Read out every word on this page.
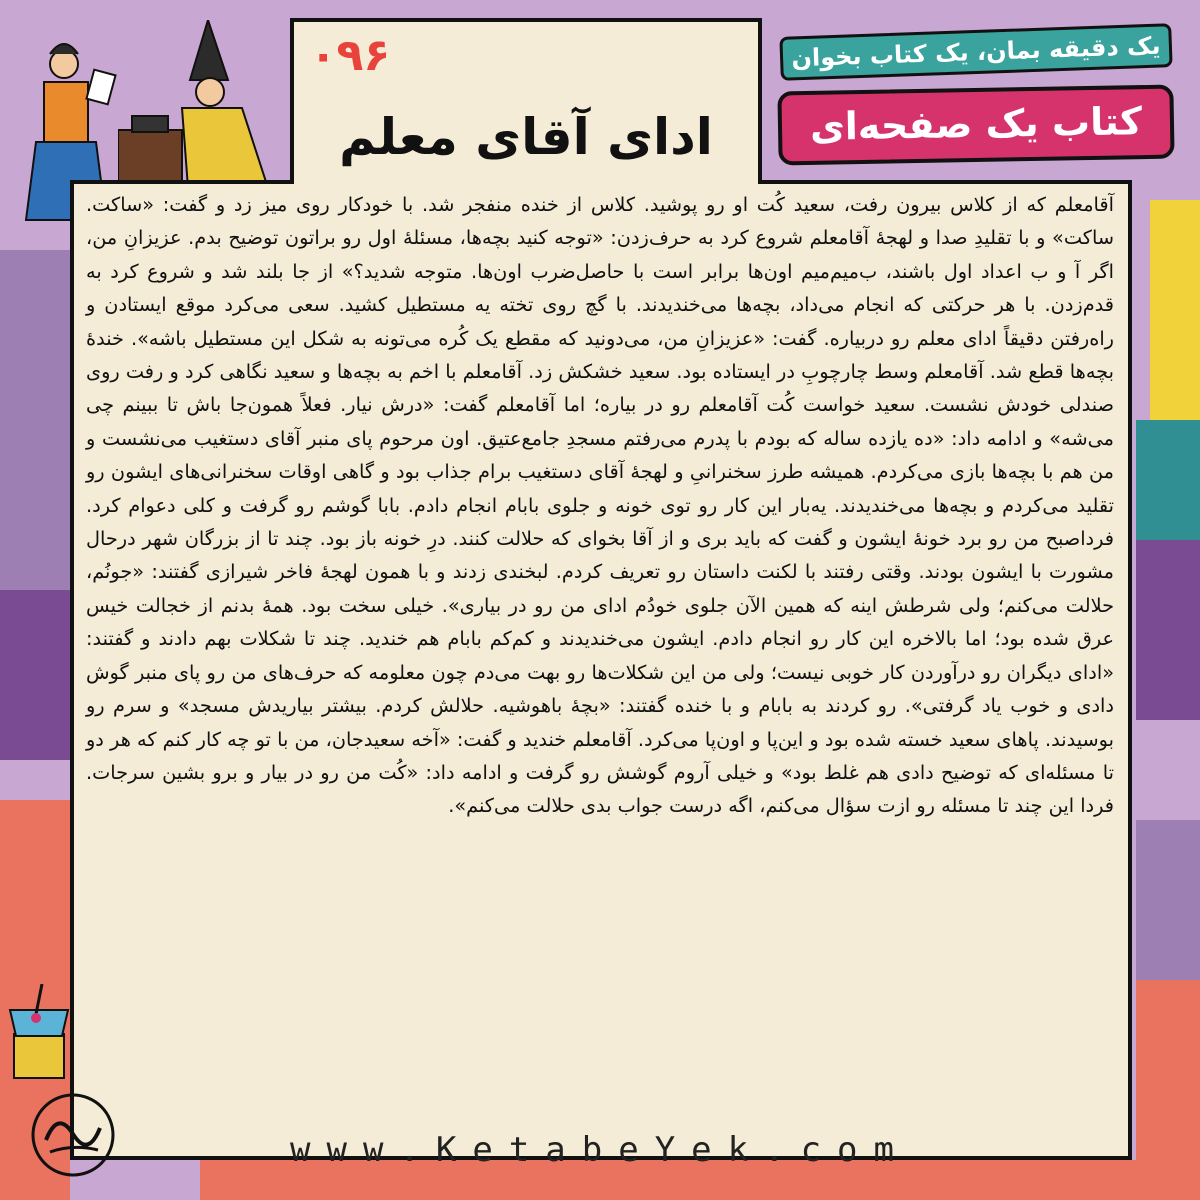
۰۹۶
ادای آقای معلم
یک دقیقه بمان، یک کتاب بخوان
کتاب یک صفحه‌ای

آقامعلم که از کلاس بیرون رفت، سعید کُت او رو پوشید. کلاس از خنده منفجر شد. با خودکار روی میز زد و گفت: «ساکت. ساکت» و با تقلیدِ صدا و لهجهٔ آقامعلم شروع کرد به حرف‌زدن: «توجه کنید بچه‌ها، مسئلهٔ اول رو براتون توضیح بدم. عزیزانِ من، اگر آ و ب اعداد اول باشند، ب‌میم‌میم اون‌ها برابر است با حاصل‌ضرب اون‌ها. متوجه شدید؟» از جا بلند شد و شروع کرد به قدم‌زدن. با هر حرکتی که انجام می‌داد، بچه‌ها می‌خندیدند. با گچ روی تخته یه مستطیل کشید. سعی می‌کرد موقع ایستادن و راه‌رفتن دقیقاً ادای معلم رو دربیاره. گفت: «عزیزانِ من، می‌دونید که مقطع یک کُره می‌تونه به شکل این مستطیل باشه». خندهٔ بچه‌ها قطع شد. آقامعلم وسط چارچوبِ در ایستاده بود. سعید خشکش زد. آقامعلم با اخم به بچه‌ها و سعید نگاهی کرد و رفت روی صندلی خودش نشست. سعید خواست کُت آقامعلم رو در بیاره؛ اما آقامعلم گفت: «درش نیار. فعلاً همون‌جا باش تا ببینم چی می‌شه» و ادامه داد: «ده یازده ساله که بودم با پدرم می‌رفتم مسجدِ جامع‌عتیق. اون مرحوم پای منبر آقای دستغیب می‌نشست و من هم با بچه‌ها بازی می‌کردم. همیشه طرز سخنرانیِ و لهجهٔ آقای دستغیب برام جذاب بود و گاهی اوقات سخنرانی‌های ایشون رو تقلید می‌کردم و بچه‌ها می‌خندیدند. یه‌بار این کار رو توی خونه و جلوی بابام انجام دادم. بابا گوشم رو گرفت و کلی دعوام کرد. فرداصبح من رو برد خونهٔ ایشون و گفت که باید بری و از آقا بخوای که حلالت کنند. درِ خونه باز بود. چند تا از بزرگان شهر درحال مشورت با ایشون بودند. وقتی رفتند با لکنت داستان رو تعریف کردم. لبخندی زدند و با همون لهجهٔ فاخر شیرازی گفتند: «جونُم، حلالت می‌کنم؛ ولی شرطش اینه که همین الآن جلوی خودُم ادای من رو در بیاری». خیلی سخت بود. همهٔ بدنم از خجالت خیس عرق شده بود؛ اما بالاخره این کار رو انجام دادم. ایشون می‌خندیدند و کم‌کم بابام هم خندید. چند تا شکلات بهم دادند و گفتند: «ادای دیگران رو درآوردن کار خوبی نیست؛ ولی من این شکلات‌ها رو بهت می‌دم چون معلومه که حرف‌های من رو پای منبر گوش دادی و خوب یاد گرفتی». رو کردند به بابام و با خنده گفتند: «بچهٔ باهوشیه. حلالش کردم. بیشتر بیاریدش مسجد» و سرم رو بوسیدند. پاهای سعید خسته شده بود و این‌پا و اون‌پا می‌کرد. آقامعلم خندید و گفت: «آخه سعیدجان، من با تو چه کار کنم که هر دو تا مسئله‌ای که توضیح دادی هم غلط بود» و خیلی آروم گوشش رو گرفت و ادامه داد: «کُت من رو در بیار و برو بشین سرجات. فردا این چند تا مسئله رو ازت سؤال می‌کنم، اگه درست جواب بدی حلالت می‌کنم».

www.KetabeYek.com
